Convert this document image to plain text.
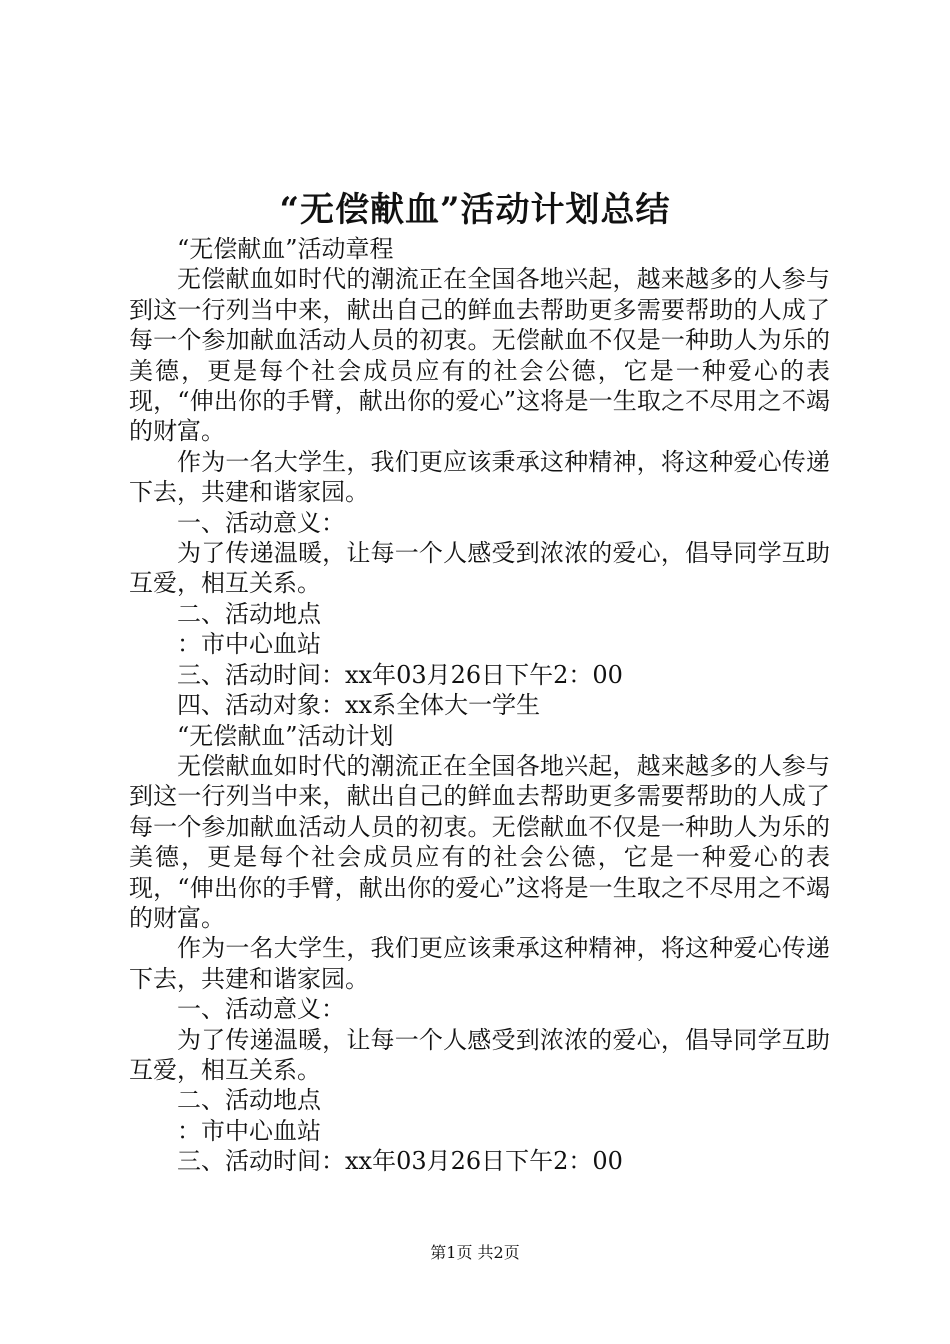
“无偿献血”活动计划总结

“无偿献血”活动章程

无偿献血如时代的潮流正在全国各地兴起，越来越多的人参与到这一行列当中来，献出自己的鲜血去帮助更多需要帮助的人成了每一个参加献血活动人员的初衷。无偿献血不仅是一种助人为乐的美德，更是每个社会成员应有的社会公德，它是一种爱心的表现，“伸出你的手臂，献出你的爱心”这将是一生取之不尽用之不竭的财富。

作为一名大学生，我们更应该秉承这种精神，将这种爱心传递下去，共建和谐家园。

一、活动意义：

为了传递温暖，让每一个人感受到浓浓的爱心，倡导同学互助互爱，相互关系。

二、活动地点

：市中心血站

三、活动时间：xx年03月26日下午2：00

四、活动对象：xx系全体大一学生

“无偿献血”活动计划

无偿献血如时代的潮流正在全国各地兴起，越来越多的人参与到这一行列当中来，献出自己的鲜血去帮助更多需要帮助的人成了每一个参加献血活动人员的初衷。无偿献血不仅是一种助人为乐的美德，更是每个社会成员应有的社会公德，它是一种爱心的表现，“伸出你的手臂，献出你的爱心”这将是一生取之不尽用之不竭的财富。

作为一名大学生，我们更应该秉承这种精神，将这种爱心传递下去，共建和谐家园。

一、活动意义：

为了传递温暖，让每一个人感受到浓浓的爱心，倡导同学互助互爱，相互关系。

二、活动地点

：市中心血站

三、活动时间：xx年03月26日下午2：00

第1页 共2页
